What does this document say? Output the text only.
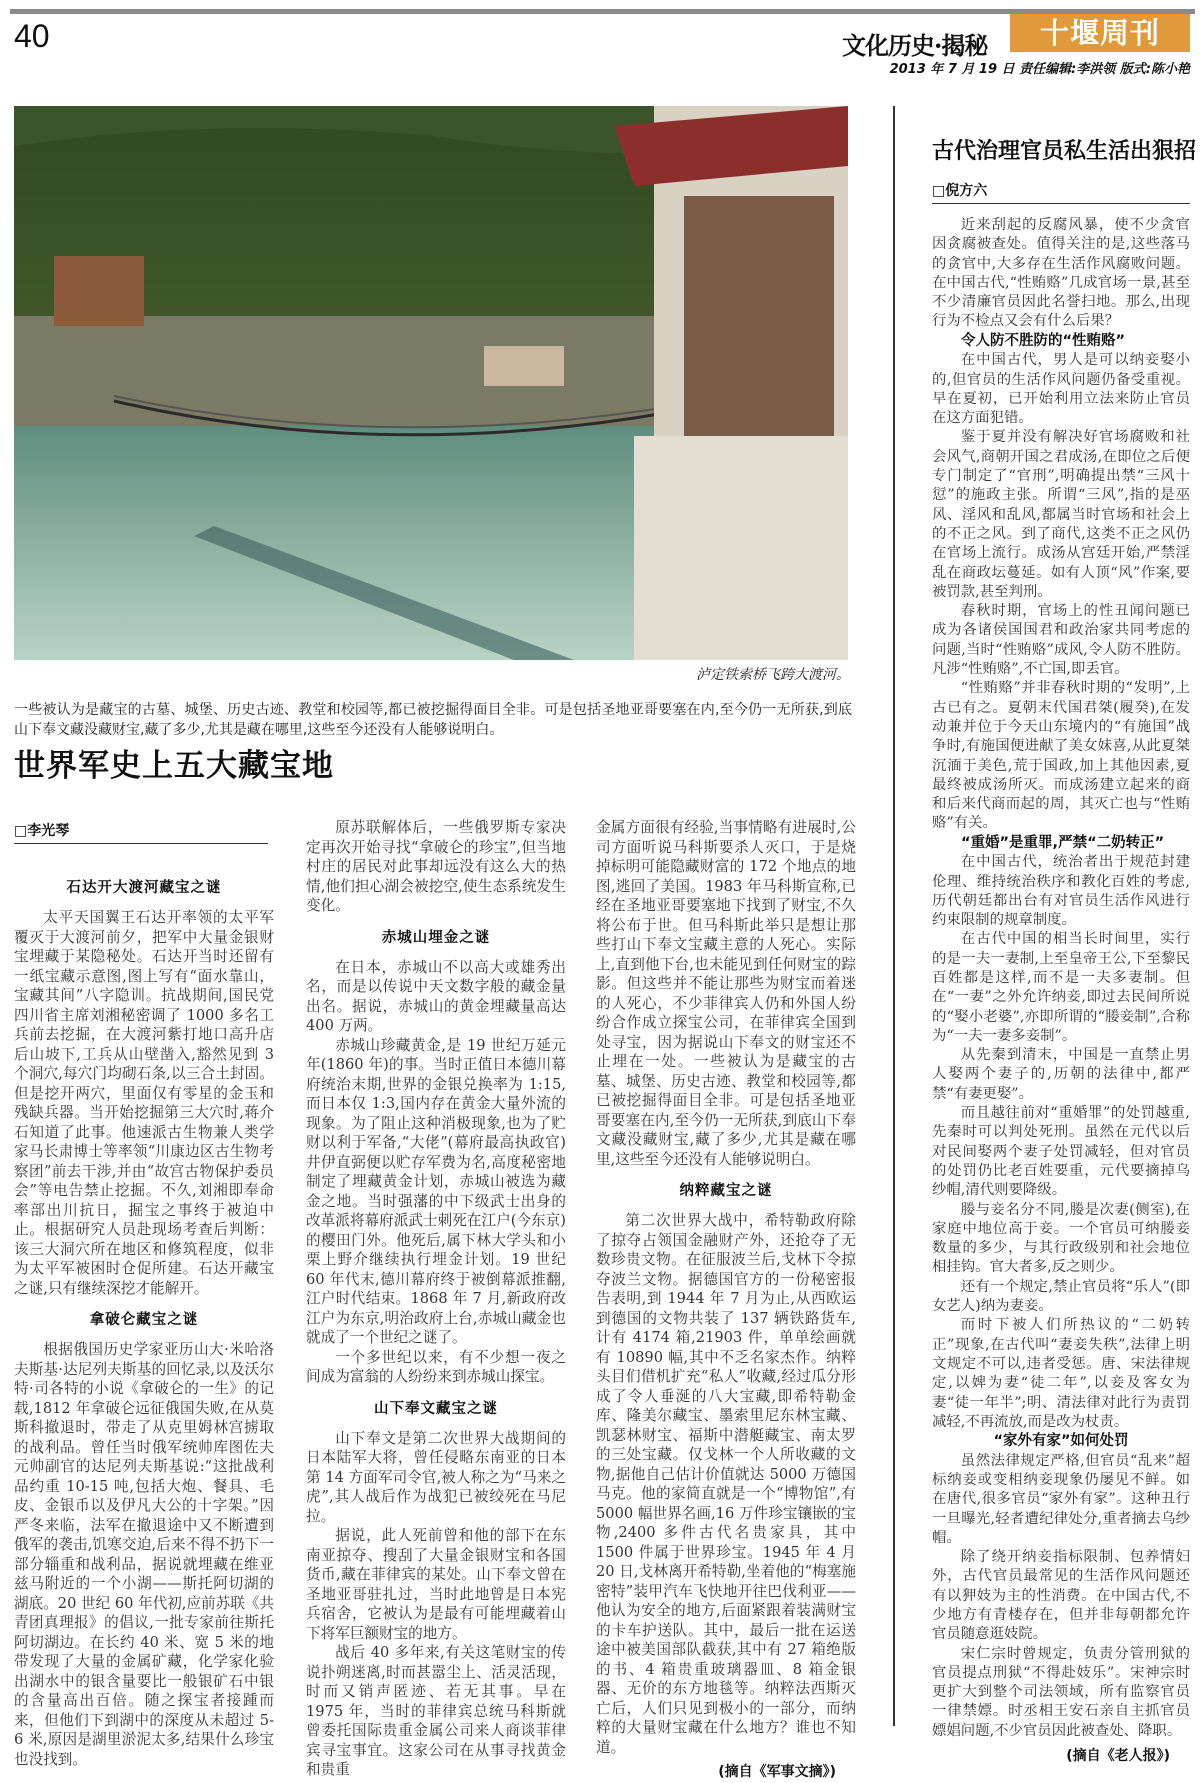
40	文化历史·揭秘	十堰周刊
2013 年 7 月 19 日 责任编辑:李洪领 版式:陈小艳
泸定铁索桥飞跨大渡河。
一些被认为是藏宝的古墓、城堡、历史古迹、教堂和校园等,都已被挖掘得面目全非。可是包括圣地亚哥要塞在内,至今仍一无所获,到底山下奉文藏没藏财宝,藏了多少,尤其是藏在哪里,这些至今还没有人能够说明白。
世界军史上五大藏宝地
□李光琴
石达开大渡河藏宝之谜

太平天国翼王石达开率领的太平军覆灭于大渡河前夕，把军中大量金银财宝埋藏于某隐秘处。石达开当时还留有一纸宝藏示意图,图上写有“面水靠山，宝藏其间”八字隐训。抗战期间,国民党四川省主席刘湘秘密调了 1000 多名工兵前去挖掘，在大渡河紫打地口高升店后山坡下,工兵从山壁凿入,豁然见到 3 个洞穴,每穴门均砌石条,以三合土封固。但是挖开两穴，里面仅有零星的金玉和残缺兵器。当开始挖掘第三大穴时,蒋介石知道了此事。他速派古生物兼人类学家马长肃博士等率领“川康边区古生物考察团”前去干涉,并由“故宫古物保护委员会”等电告禁止挖掘。不久,刘湘即奉命率部出川抗日，掘宝之事终于被迫中止。根据研究人员赴现场考查后判断：该三大洞穴所在地区和修筑程度，似非为太平军被困时仓促所建。石达开藏宝之谜,只有继续深挖才能解开。

拿破仑藏宝之谜

根据俄国历史学家亚历山大·米哈洛夫斯基·达尼列夫斯基的回忆录,以及沃尔特·司各特的小说《拿破仑的一生》的记载,1812 年拿破仑远征俄国失败,在从莫斯科撤退时，带走了从克里姆林宫掳取的战利品。曾任当时俄军统帅库图佐夫元帅副官的达尼列夫斯基说:“这批战利品约重 10-15 吨,包括大炮、餐具、毛皮、金银币以及伊凡大公的十字架。”因严冬来临，法军在撤退途中又不断遭到俄军的袭击,饥寒交迫,后来不得不扔下一部分辎重和战利品，据说就埋藏在维亚兹马附近的一个小湖——斯托阿切湖的湖底。20 世纪 60 年代初,应前苏联《共青团真理报》的倡议,一批专家前往斯托阿切湖边。在长约 40 米、宽 5 米的地带发现了大量的金属矿藏，化学家化验出湖水中的银含量要比一般银矿石中银的含量高出百倍。随之探宝者接踵而来，但他们下到湖中的深度从未超过 5-6 米,原因是湖里淤泥太多,结果什么珍宝也没找到。

原苏联解体后，一些俄罗斯专家决定再次开始寻找“拿破仑的珍宝”,但当地村庄的居民对此事却远没有这么大的热情,他们担心湖会被挖空,使生态系统发生变化。

赤城山埋金之谜

在日本，赤城山不以高大或雄秀出名，而是以传说中天文数字般的藏金量出名。据说，赤城山的黄金埋藏量高达 400 万两。

赤城山珍藏黄金,是 19 世纪万延元年(1860 年)的事。当时正值日本德川幕府统治末期,世界的金银兑换率为 1:15,而日本仅 1:3,国内存在黄金大量外流的现象。为了阻止这种消极现象,也为了贮财以利于军备,“大佬”(幕府最高执政官)井伊直弼便以贮存军费为名,高度秘密地制定了埋藏黄金计划，赤城山被选为藏金之地。当时强藩的中下级武士出身的改革派将幕府派武士刺死在江户(今东京)的樱田门外。他死后,属下林大学头和小栗上野介继续执行埋金计划。19 世纪 60 年代末,德川幕府终于被倒幕派推翻,江户时代结束。1868 年 7 月,新政府改江户为东京,明治政府上台,赤城山藏金也就成了一个世纪之谜了。

一个多世纪以来，有不少想一夜之间成为富翁的人纷纷来到赤城山探宝。

山下奉文藏宝之谜

山下奉文是第二次世界大战期间的日本陆军大将，曾任侵略东南亚的日本第 14 方面军司令官,被人称之为“马来之虎”,其人战后作为战犯已被绞死在马尼拉。

据说，此人死前曾和他的部下在东南亚掠夺、搜刮了大量金银财宝和各国货币,藏在菲律宾的某处。山下奉文曾在圣地亚哥驻扎过，当时此地曾是日本宪兵宿舍，它被认为是最有可能埋藏着山下将军巨额财宝的地方。

战后 40 多年来,有关这笔财宝的传说扑朔迷离,时而甚嚣尘上、活灵活现，时而又销声匿迹、若无其事。早在 1975 年，当时的菲律宾总统马科斯就曾委托国际贵重金属公司来人商谈菲律宾寻宝事宜。这家公司在从事寻找黄金和贵重

金属方面很有经验,当事情略有进展时,公司方面听说马科斯要杀人灭口，于是烧掉标明可能隐藏财富的 172 个地点的地图,逃回了美国。1983 年马科斯宣称,已经在圣地亚哥要塞地下找到了财宝,不久将公布于世。但马科斯此举只是想让那些打山下奉文宝藏主意的人死心。实际上,直到他下台,也未能见到任何财宝的踪影。但这些并不能让那些为财宝而着迷的人死心，不少菲律宾人仍和外国人纷纷合作成立探宝公司，在菲律宾全国到处寻宝，因为据说山下奉文的财宝还不止埋在一处。一些被认为是藏宝的古墓、城堡、历史古迹、教堂和校园等,都已被挖掘得面目全非。可是包括圣地亚哥要塞在内,至今仍一无所获,到底山下奉文藏没藏财宝,藏了多少,尤其是藏在哪里,这些至今还没有人能够说明白。

纳粹藏宝之谜

第二次世界大战中，希特勒政府除了掠夺占领国金融财产外，还抢夺了无数珍贵文物。在征服波兰后,戈林下令掠夺波兰文物。据德国官方的一份秘密报告表明,到 1944 年 7 月为止,从西欧运到德国的文物共装了 137 辆铁路货车,计有 4174 箱,21903 件，单单绘画就有 10890 幅,其中不乏名家杰作。纳粹头目们借机扩充“私人”收藏,经过瓜分形成了令人垂涎的八大宝藏,即希特勒金库、隆美尔藏宝、墨索里尼东林宝藏、凯瑟林财宝、福斯中潜艇藏宝、南太罗的三处宝藏。仅戈林一个人所收藏的文物,据他自己估计价值就达 5000 万德国马克。他的家简直就是一个“博物馆”,有 5000 幅世界名画,16 万件珍宝镶嵌的宝物,2400 多件古代名贵家具，其中 1500 件属于世界珍宝。1945 年 4 月 20 日,戈林离开希特勒,坐着他的“梅塞施密特”装甲汽车飞快地开往巴伐利亚——他认为安全的地方,后面紧跟着装满财宝的卡车护送队。其中，最后一批在运送途中被美国部队截获,其中有 27 箱绝版的书、4 箱贵重玻璃器皿、8 箱金银器、无价的东方地毯等。纳粹法西斯灭亡后，人们只见到极小的一部分，而纳粹的大量财宝藏在什么地方？谁也不知道。

(摘自《军事文摘》)
古代治理官员私生活出狠招
□倪方六

近来刮起的反腐风暴，使不少贪官因贪腐被查处。值得关注的是,这些落马的贪官中,大多存在生活作风腐败问题。在中国古代,“性贿赂”几成官场一景,甚至不少清廉官员因此名誉扫地。那么,出现行为不检点又会有什么后果？

令人防不胜防的“性贿赂”

在中国古代，男人是可以纳妾娶小的,但官员的生活作风问题仍备受重视。早在夏初，已开始利用立法来防止官员在这方面犯错。

鉴于夏并没有解决好官场腐败和社会风气,商朝开国之君成汤,在即位之后便专门制定了“官刑”,明确提出禁“三风十愆”的施政主张。所谓“三风”,指的是巫风、淫风和乱风,都属当时官场和社会上的不正之风。到了商代,这类不正之风仍在官场上流行。成汤从宫廷开始,严禁淫乱在商政坛蔓延。如有人顶“风”作案,要被罚款,甚至判刑。

春秋时期，官场上的性丑闻问题已成为各诸侯国国君和政治家共同考虑的问题,当时“性贿赂”成风,令人防不胜防。凡涉“性贿赂”,不亡国,即丢官。

“性贿赂”并非春秋时期的“发明”,上古已有之。夏朝末代国君桀(履癸),在发动兼并位于今天山东境内的“有施国”战争时,有施国便进献了美女妹喜,从此夏桀沉湎于美色,荒于国政,加上其他因素,夏最终被成汤所灭。而成汤建立起来的商和后来代商而起的周，其灭亡也与“性贿赂”有关。

“重婚”是重罪,严禁“二奶转正”

在中国古代，统治者出于规范封建伦理、维持统治秩序和教化百姓的考虑,历代朝廷都出台有对官员生活作风进行约束限制的规章制度。

在古代中国的相当长时间里，实行的是一夫一妻制,上至皇帝王公,下至黎民百姓都是这样,而不是一夫多妻制。但在“一妻”之外允许纳妾,即过去民间所说的“娶小老婆”,亦即所谓的“媵妾制”,合称为“一夫一妻多妾制”。

从先秦到清末，中国是一直禁止男人娶两个妻子的,历朝的法律中,都严禁“有妻更娶”。

而且越往前对“重婚罪”的处罚越重,先秦时可以判处死刑。虽然在元代以后对民间娶两个妻子处罚减轻，但对官员的处罚仍比老百姓要重，元代要摘掉乌纱帽,清代则要降级。

媵与妾名分不同,媵是次妻(侧室),在家庭中地位高于妾。一个官员可纳媵妾数量的多少，与其行政级别和社会地位相挂钩。官大者多,反之则少。

还有一个规定,禁止官员将“乐人”(即女艺人)纳为妻妾。

而时下被人们所热议的“二奶转正”现象,在古代叫“妻妾失秩”,法律上明文规定不可以,违者受惩。唐、宋法律规定,以婢为妻“徒二年”,以妾及客女为妻“徒一年半”;明、清法律对此行为责罚减轻,不再流放,而是改为杖责。

“家外有家”如何处罚

虽然法律规定严格,但官员“乱来”超标纳妾或变相纳妾现象仍屡见不鲜。如在唐代,很多官员“家外有家”。这种丑行一旦曝光,轻者遭纪律处分,重者摘去乌纱帽。

除了绕开纳妾指标限制、包养情妇外，古代官员最常见的生活作风问题还有以狎妓为主的性消费。在中国古代,不少地方有青楼存在，但并非每朝都允许官员随意逛妓院。

宋仁宗时曾规定，负责分管刑狱的官员提点刑狱“不得赴妓乐”。宋神宗时更扩大到整个司法领域，所有监察官员一律禁嫖。时丞相王安石亲自主抓官员嫖娼问题,不少官员因此被查处、降职。

(摘自《老人报》)
